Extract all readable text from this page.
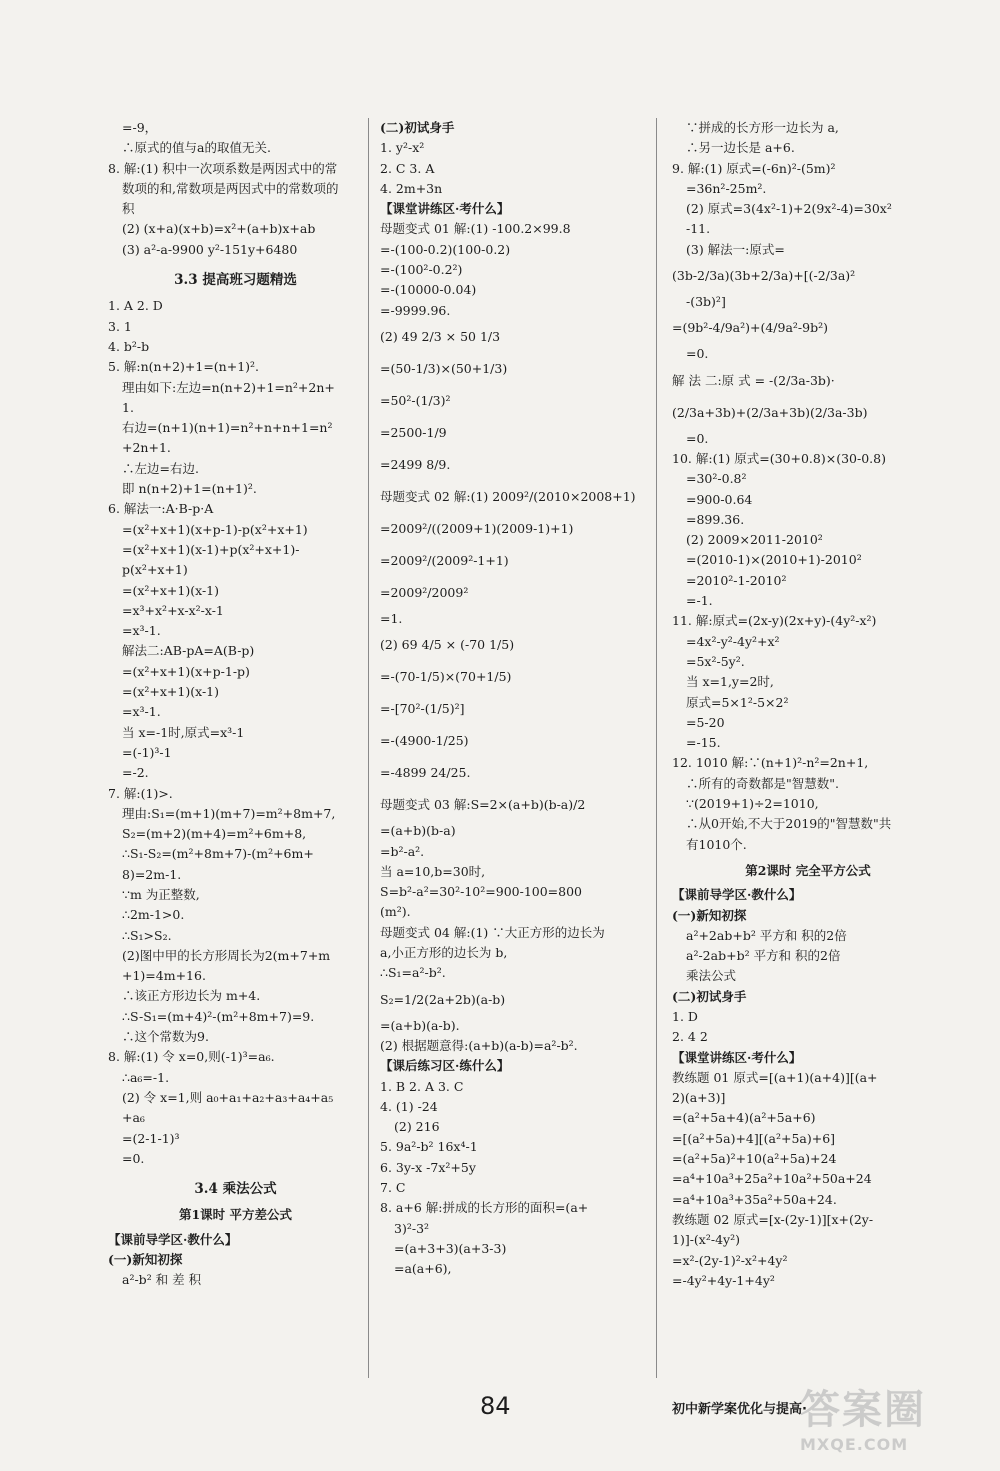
=-9，
∴原式的值与a的取值无关.
8. 解:(1) 积中一次项系数是两因式中的常
数项的和,常数项是两因式中的常数项的
积
(2) (x+a)(x+b)=x²+(a+b)x+ab
(3) a²-a-9900 y²-151y+6480
3.3 提高班习题精选
1. A 2. D
3. 1
4. b²-b
5. 解:n(n+2)+1=(n+1)².
理由如下:左边=n(n+2)+1=n²+2n+
1.
右边=(n+1)(n+1)=n²+n+n+1=n²
+2n+1.
∴左边=右边.
即 n(n+2)+1=(n+1)².
6. 解法一:A·B-p·A
=(x²+x+1)(x+p-1)-p(x²+x+1)
=(x²+x+1)(x-1)+p(x²+x+1)-
p(x²+x+1)
=(x²+x+1)(x-1)
=x³+x²+x-x²-x-1
=x³-1.
解法二:AB-pA=A(B-p)
=(x²+x+1)(x+p-1-p)
=(x²+x+1)(x-1)
=x³-1.
当 x=-1时,原式=x³-1
=(-1)³-1
=-2.
7. 解:(1)>.
理由:S₁=(m+1)(m+7)=m²+8m+7,
S₂=(m+2)(m+4)=m²+6m+8,
∴S₁-S₂=(m²+8m+7)-(m²+6m+
8)=2m-1.
∵m 为正整数,
∴2m-1>0.
∴S₁>S₂.
(2)图中甲的长方形周长为2(m+7+m
+1)=4m+16.
∴该正方形边长为 m+4.
∴S-S₁=(m+4)²-(m²+8m+7)=9.
∴这个常数为9.
8. 解:(1) 令 x=0,则(-1)³=a₆.
∴a₆=-1.
(2) 令 x=1,则 a₀+a₁+a₂+a₃+a₄+a₅
+a₆
=(2-1-1)³
=0.
3.4 乘法公式
第1课时 平方差公式
【课前导学区·教什么】
(一)新知初探
a²-b² 和 差 积
(二)初试身手
1. y²-x²
2. C 3. A
4. 2m+3n
【课堂讲练区·考什么】
母题变式 01 解:(1) -100.2×99.8
=-(100-0.2)(100-0.2)
=-(100²-0.2²)
=-(10000-0.04)
=-9999.96.
(2) 49 2/3 × 50 1/3
=(50-1/3)×(50+1/3)
=50²-(1/3)²
=2500-1/9
=2499 8/9.
母题变式 02 解:(1) 2009²/(2010×2008+1)
=2009²/((2009+1)(2009-1)+1)
=2009²/(2009²-1+1)
=2009²/2009²
=1.
(2) 69 4/5 × (-70 1/5)
=-(70-1/5)×(70+1/5)
=-[70²-(1/5)²]
=-(4900-1/25)
=-4899 24/25.
母题变式 03 解:S=2×(a+b)(b-a)/2
=(a+b)(b-a)
=b²-a².
当 a=10,b=30时,
S=b²-a²=30²-10²=900-100=800
(m²).
母题变式 04 解:(1) ∵大正方形的边长为
a,小正方形的边长为 b,
∴S₁=a²-b².
S₂=1/2(2a+2b)(a-b)
=(a+b)(a-b).
(2) 根据题意得:(a+b)(a-b)=a²-b².
【课后练习区·练什么】
1. B 2. A 3. C
4. (1) -24
(2) 216
5. 9a²-b² 16x⁴-1
6. 3y-x -7x²+5y
7. C
8. a+6 解:拼成的长方形的面积=(a+
3)²-3²
=(a+3+3)(a+3-3)
=a(a+6),
∵拼成的长方形一边长为 a,
∴另一边长是 a+6.
9. 解:(1) 原式=(-6n)²-(5m)²
=36n²-25m².
(2) 原式=3(4x²-1)+2(9x²-4)=30x²
-11.
(3) 解法一:原式=
(3b-2/3a)(3b+2/3a)+[(-2/3a)²
-(3b)²]
=(9b²-4/9a²)+(4/9a²-9b²)
=0.
解 法 二:原 式 = -(2/3a-3b)·
(2/3a+3b)+(2/3a+3b)(2/3a-3b)
=0.
10. 解:(1) 原式=(30+0.8)×(30-0.8)
=30²-0.8²
=900-0.64
=899.36.
(2) 2009×2011-2010²
=(2010-1)×(2010+1)-2010²
=2010²-1-2010²
=-1.
11. 解:原式=(2x-y)(2x+y)-(4y²-x²)
=4x²-y²-4y²+x²
=5x²-5y².
当 x=1,y=2时,
原式=5×1²-5×2²
=5-20
=-15.
12. 1010 解:∵(n+1)²-n²=2n+1,
∴所有的奇数都是"智慧数".
∵(2019+1)÷2=1010,
∴从0开始,不大于2019的"智慧数"共
有1010个.
第2课时 完全平方公式
【课前导学区·教什么】
(一)新知初探
a²+2ab+b² 平方和 积的2倍
a²-2ab+b² 平方和 积的2倍
乘法公式
(二)初试身手
1. D
2. 4 2
【课堂讲练区·考什么】
教练题 01 原式=[(a+1)(a+4)][(a+
2)(a+3)]
=(a²+5a+4)(a²+5a+6)
=[(a²+5a)+4][(a²+5a)+6]
=(a²+5a)²+10(a²+5a)+24
=a⁴+10a³+25a²+10a²+50a+24
=a⁴+10a³+35a²+50a+24.
教练题 02 原式=[x-(2y-1)][x+(2y-
1)]-(x²-4y²)
=x²-(2y-1)²-x²+4y²
=-4y²+4y-1+4y²
84	初中新学案优化与提高·
答案圈
MXQE.COM
